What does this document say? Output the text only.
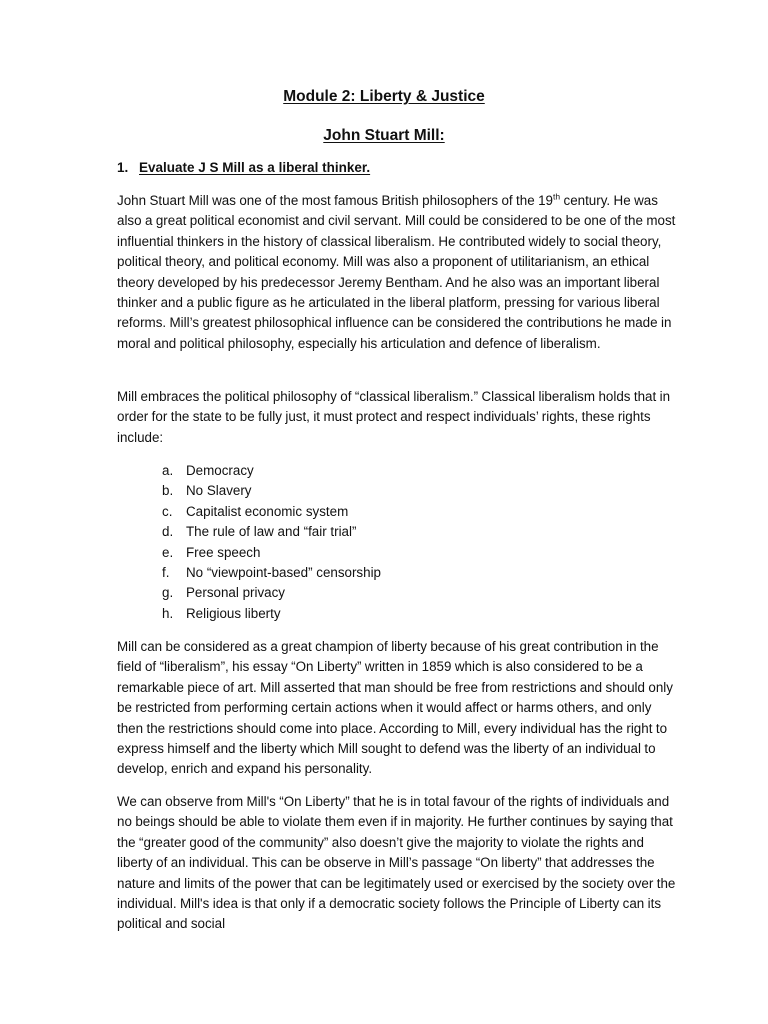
Module 2: Liberty & Justice
John Stuart Mill:
1. Evaluate J S Mill as a liberal thinker.

John Stuart Mill was one of the most famous British philosophers of the 19th century. He was also a great political economist and civil servant. Mill could be considered to be one of the most influential thinkers in the history of classical liberalism. He contributed widely to social theory, political theory, and political economy. Mill was also a proponent of utilitarianism, an ethical theory developed by his predecessor Jeremy Bentham. And he also was an important liberal thinker and a public figure as he articulated in the liberal platform, pressing for various liberal reforms. Mill’s greatest philosophical influence can be considered the contributions he made in moral and political philosophy, especially his articulation and defence of liberalism.

Mill embraces the political philosophy of “classical liberalism.” Classical liberalism holds that in order for the state to be fully just, it must protect and respect individuals’ rights, these rights include:

a. Democracy
b. No Slavery
c.	Capitalist economic system
d. The rule of law and “fair trial”
e. Free speech
f.	No “viewpoint-based” censorship
g. Personal privacy
h. Religious liberty

Mill can be considered as a great champion of liberty because of his great contribution in the field of “liberalism”, his essay “On Liberty” written in 1859 which is also considered to be a remarkable piece of art. Mill asserted that man should be free from restrictions and should only be restricted from performing certain actions when it would affect or harms others, and only then the restrictions should come into place. According to Mill, every individual has the right to express himself and the liberty which Mill sought to defend was the liberty of an individual to develop, enrich and expand his personality.

We can observe from Mill's “On Liberty” that he is in total favour of the rights of individuals and no beings should be able to violate them even if in majority. He further continues by saying that the “greater good of the community” also doesn’t give the majority to violate the rights and liberty of an individual. This can be observe in Mill’s passage “On liberty” that addresses the nature and limits of the power that can be legitimately used or exercised by the society over the individual. Mill's idea is that only if a democratic society follows the Principle of Liberty can its political and social
